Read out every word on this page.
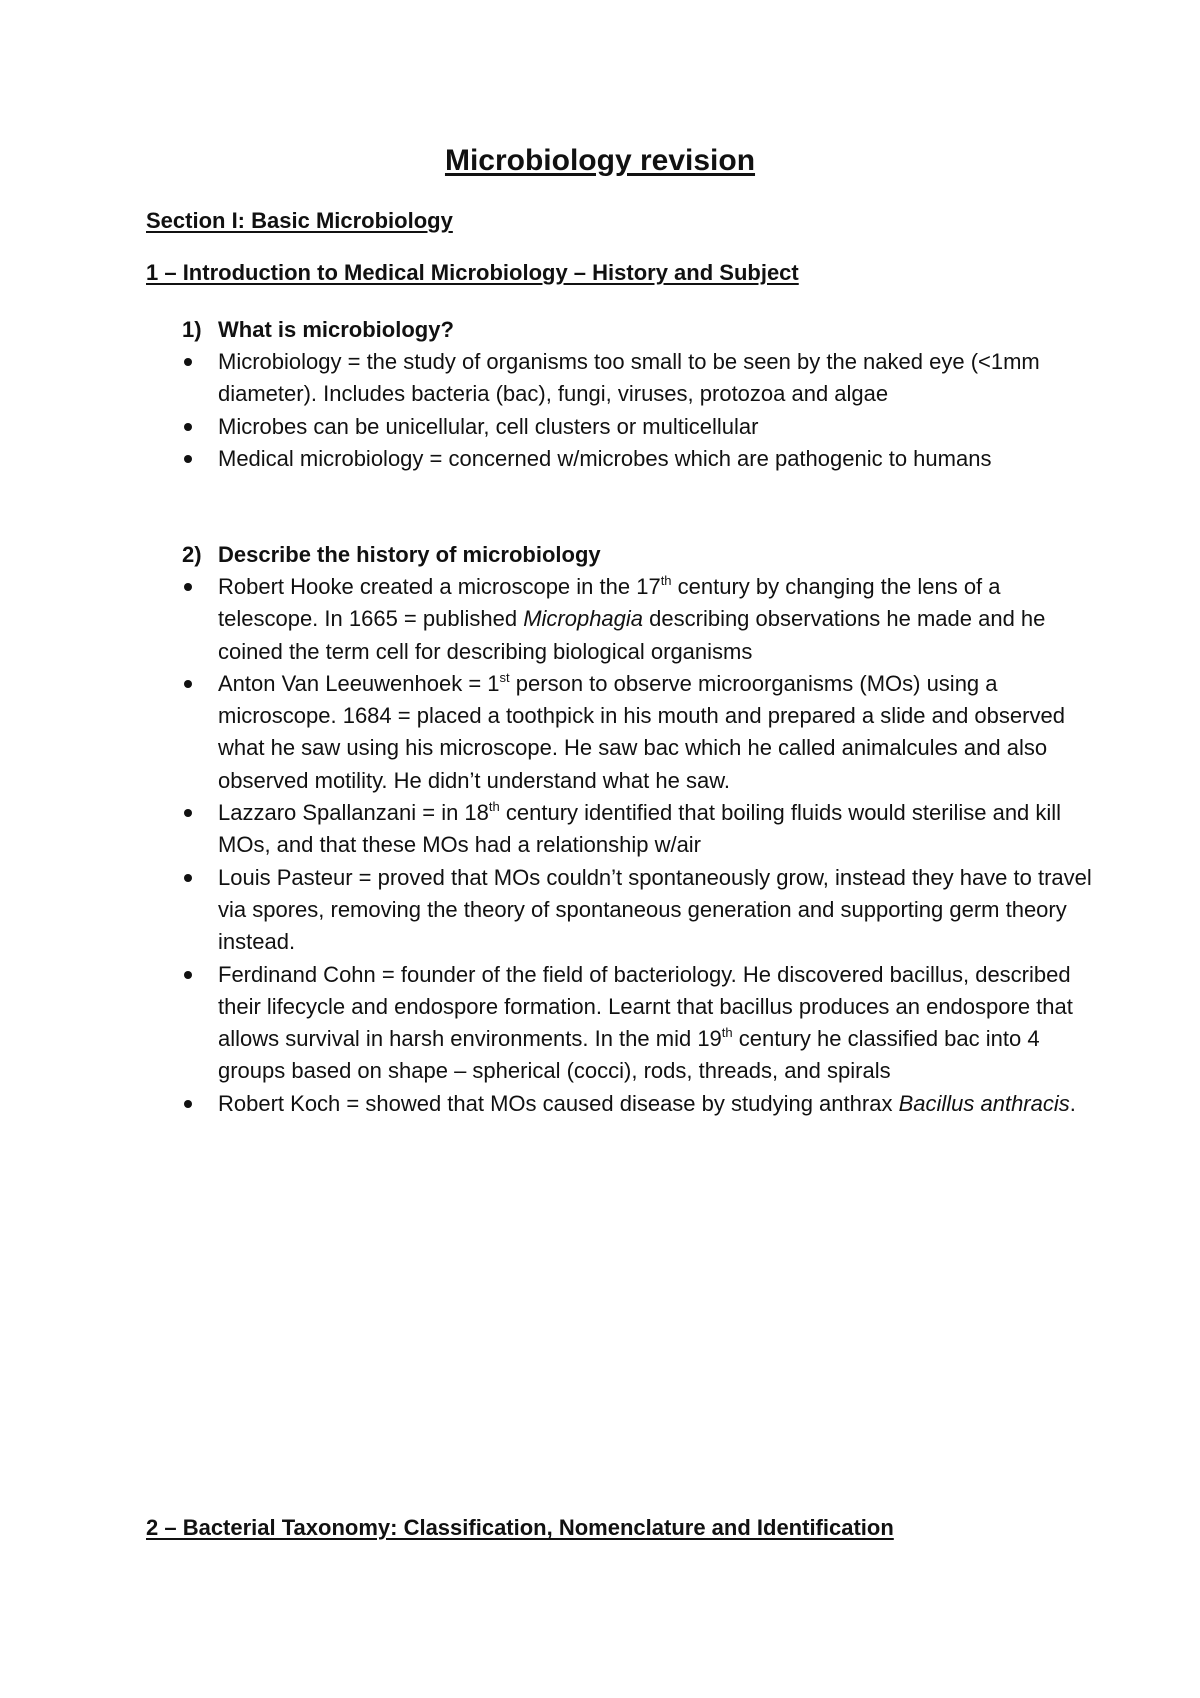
Microbiology revision
Section I: Basic Microbiology
1 – Introduction to Medical Microbiology – History and Subject
1) What is microbiology?
Microbiology = the study of organisms too small to be seen by the naked eye (<1mm diameter). Includes bacteria (bac), fungi, viruses, protozoa and algae
Microbes can be unicellular, cell clusters or multicellular
Medical microbiology = concerned w/microbes which are pathogenic to humans
2) Describe the history of microbiology
Robert Hooke created a microscope in the 17th century by changing the lens of a telescope. In 1665 = published Microphagia describing observations he made and he coined the term cell for describing biological organisms
Anton Van Leeuwenhoek = 1st person to observe microorganisms (MOs) using a microscope. 1684 = placed a toothpick in his mouth and prepared a slide and observed what he saw using his microscope. He saw bac which he called animalcules and also observed motility. He didn’t understand what he saw.
Lazzaro Spallanzani = in 18th century identified that boiling fluids would sterilise and kill MOs, and that these MOs had a relationship w/air
Louis Pasteur = proved that MOs couldn’t spontaneously grow, instead they have to travel via spores, removing the theory of spontaneous generation and supporting germ theory instead.
Ferdinand Cohn = founder of the field of bacteriology. He discovered bacillus, described their lifecycle and endospore formation. Learnt that bacillus produces an endospore that allows survival in harsh environments. In the mid 19th century he classified bac into 4 groups based on shape – spherical (cocci), rods, threads, and spirals
Robert Koch = showed that MOs caused disease by studying anthrax Bacillus anthracis.
2 – Bacterial Taxonomy: Classification, Nomenclature and Identification
